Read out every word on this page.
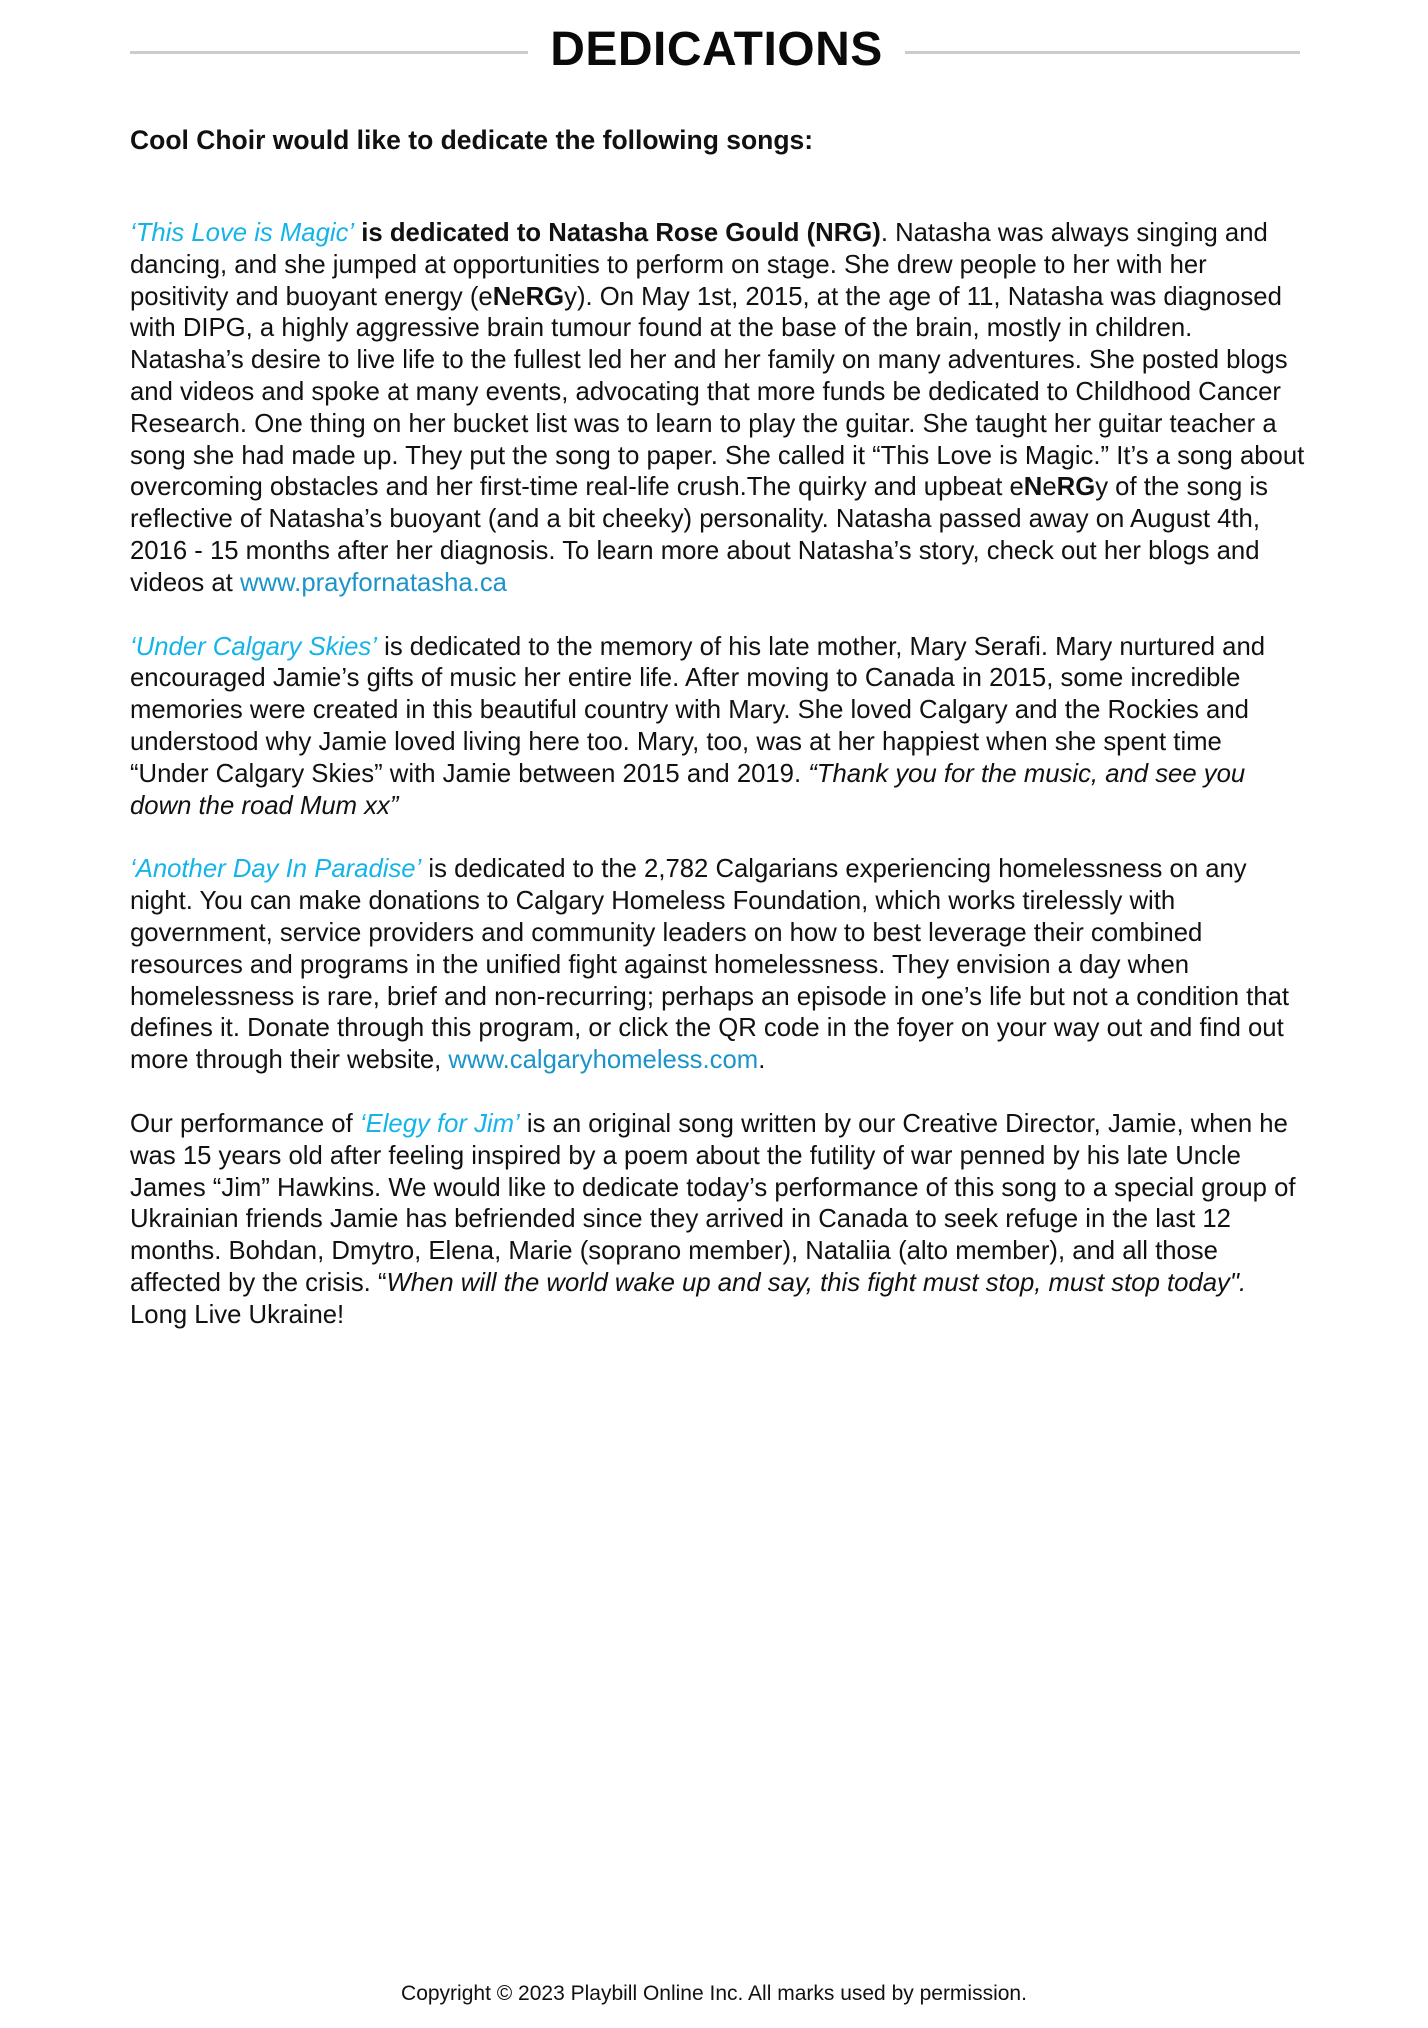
DEDICATIONS

Cool Choir would like to dedicate the following songs:

‘This Love is Magic’ is dedicated to Natasha Rose Gould (NRG). Natasha was always singing and dancing, and she jumped at opportunities to perform on stage. She drew people to her with her positivity and buoyant energy (eNeRGy). On May 1st, 2015, at the age of 11, Natasha was diagnosed with DIPG, a highly aggressive brain tumour found at the base of the brain, mostly in children. Natasha’s desire to live life to the fullest led her and her family on many adventures. She posted blogs and videos and spoke at many events, advocating that more funds be dedicated to Childhood Cancer Research. One thing on her bucket list was to learn to play the guitar. She taught her guitar teacher a song she had made up. They put the song to paper. She called it “This Love is Magic.” It’s a song about overcoming obstacles and her first-time real-life crush.The quirky and upbeat eNeRGy of the song is reflective of Natasha’s buoyant (and a bit cheeky) personality. Natasha passed away on August 4th, 2016 - 15 months after her diagnosis. To learn more about Natasha’s story, check out her blogs and videos at www.prayfornatasha.ca

‘Under Calgary Skies’ is dedicated to the memory of his late mother, Mary Serafi. Mary nurtured and encouraged Jamie’s gifts of music her entire life. After moving to Canada in 2015, some incredible memories were created in this beautiful country with Mary. She loved Calgary and the Rockies and understood why Jamie loved living here too. Mary, too, was at her happiest when she spent time “Under Calgary Skies” with Jamie between 2015 and 2019. “Thank you for the music, and see you down the road Mum xx”

‘Another Day In Paradise’ is dedicated to the 2,782 Calgarians experiencing homelessness on any night. You can make donations to Calgary Homeless Foundation, which works tirelessly with government, service providers and community leaders on how to best leverage their combined resources and programs in the unified fight against homelessness. They envision a day when homelessness is rare, brief and non-recurring; perhaps an episode in one’s life but not a condition that defines it. Donate through this program, or click the QR code in the foyer on your way out and find out more through their website, www.calgaryhomeless.com.

Our performance of ‘Elegy for Jim’ is an original song written by our Creative Director, Jamie, when he was 15 years old after feeling inspired by a poem about the futility of war penned by his late Uncle James “Jim” Hawkins. We would like to dedicate today’s performance of this song to a special group of Ukrainian friends Jamie has befriended since they arrived in Canada to seek refuge in the last 12 months. Bohdan, Dmytro, Elena, Marie (soprano member), Nataliia (alto member), and all those affected by the crisis. “When will the world wake up and say, this fight must stop, must stop today". Long Live Ukraine!

Copyright © 2023 Playbill Online Inc. All marks used by permission.
